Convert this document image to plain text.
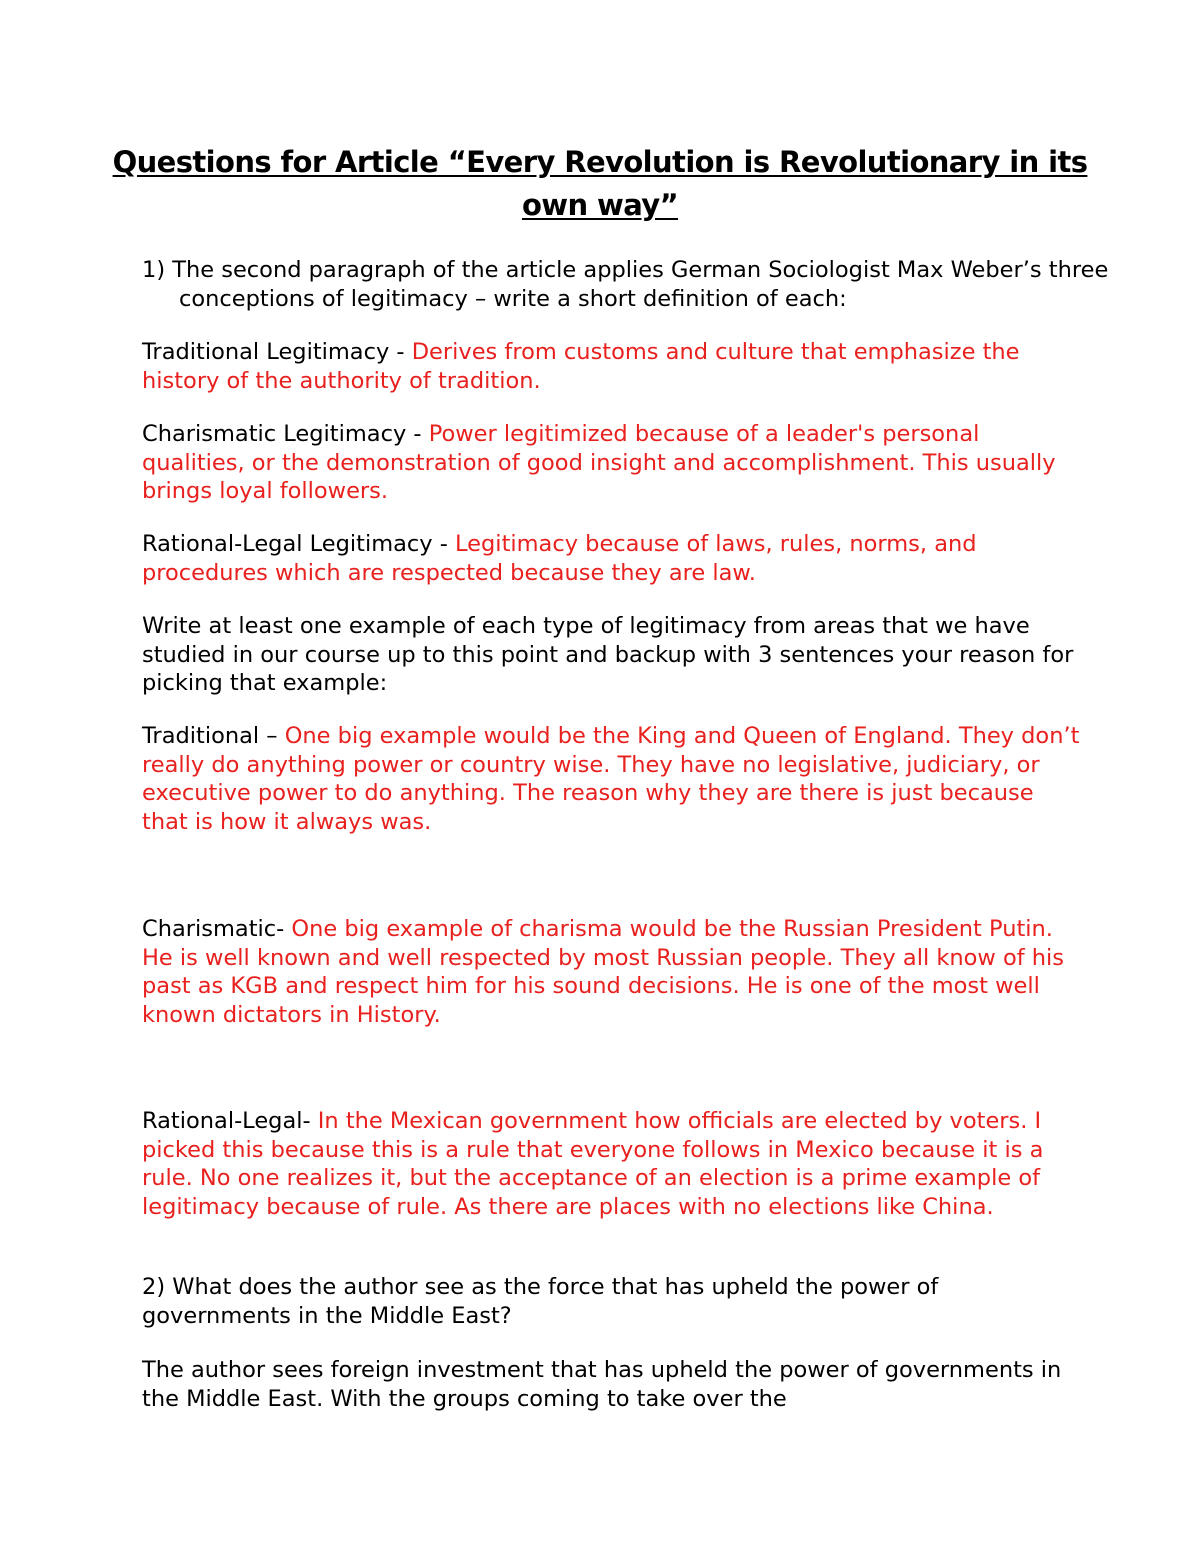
Questions for Article “Every Revolution is Revolutionary in its
own way”

1) The second paragraph of the article applies German Sociologist Max Weber’s three conceptions of legitimacy – write a short definition of each:

Traditional Legitimacy - Derives from customs and culture that emphasize the history of the authority of tradition.

Charismatic Legitimacy - Power legitimized because of a leader's personal qualities, or the demonstration of good insight and accomplishment. This usually brings loyal followers.

Rational-Legal Legitimacy - Legitimacy because of laws, rules, norms, and procedures which are respected because they are law.

Write at least one example of each type of legitimacy from areas that we have studied in our course up to this point and backup with 3 sentences your reason for picking that example:

Traditional – One big example would be the King and Queen of England. They don’t really do anything power or country wise. They have no legislative, judiciary, or executive power to do anything. The reason why they are there is just because that is how it always was.

Charismatic- One big example of charisma would be the Russian President Putin. He is well known and well respected by most Russian people. They all know of his past as KGB and respect him for his sound decisions. He is one of the most well known dictators in History.

Rational-Legal- In the Mexican government how officials are elected by voters. I picked this because this is a rule that everyone follows in Mexico because it is a rule. No one realizes it, but the acceptance of an election is a prime example of legitimacy because of rule. As there are places with no elections like China.

2) What does the author see as the force that has upheld the power of governments in the Middle East?

The author sees foreign investment that has upheld the power of governments in the Middle East. With the groups coming to take over the
